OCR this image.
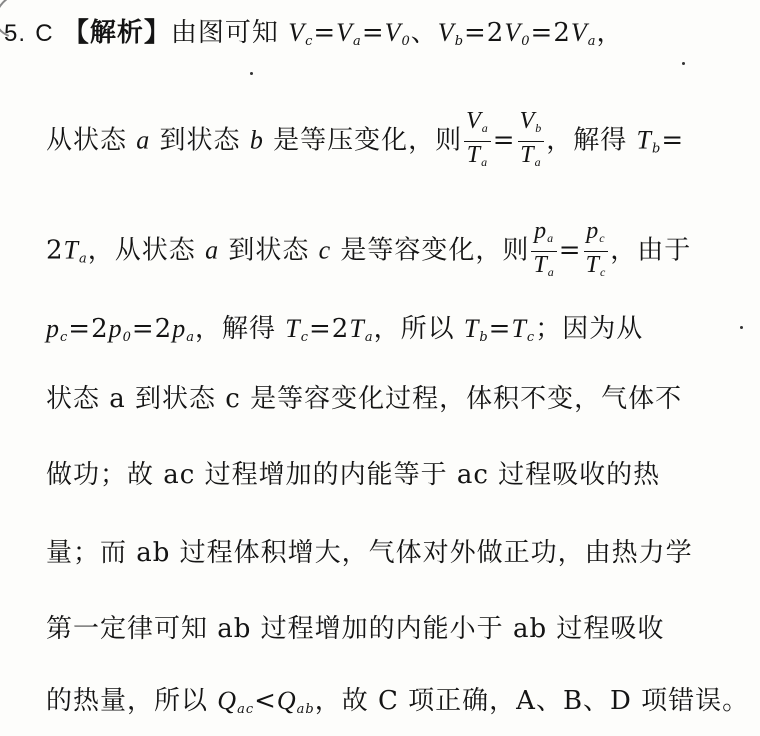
5. C 【解析】由图可知 $V_c=V_a=V_0$、$V_b=2V_0=2V_a$，
从状态 a 到状态 b 是等压变化，则 $\frac{V_a}{T_a} = \frac{V_b}{T_a}$ ，解得 $T_b=$
$2T_a$，从状态 a 到状态 c 是等容变化，则 $\frac{p_a}{T_a} = \frac{p_c}{T_c}$ ，由于
$p_c=2p_0=2p_a$，解得 $T_c=2T_a$，所以 $T_b=T_c$；因为从
状态 a 到状态 c 是等容变化过程，体积不变，气体不
做功；故 ac 过程增加的内能等于 ac 过程吸收的热
量；而 ab 过程体积增大，气体对外做正功，由热力学
第一定律可知 ab 过程增加的内能小于 ab 过程吸收
的热量，所以 $Q_{ac}<Q_{ab}$，故 C 项正确，A、B、D 项错误。
